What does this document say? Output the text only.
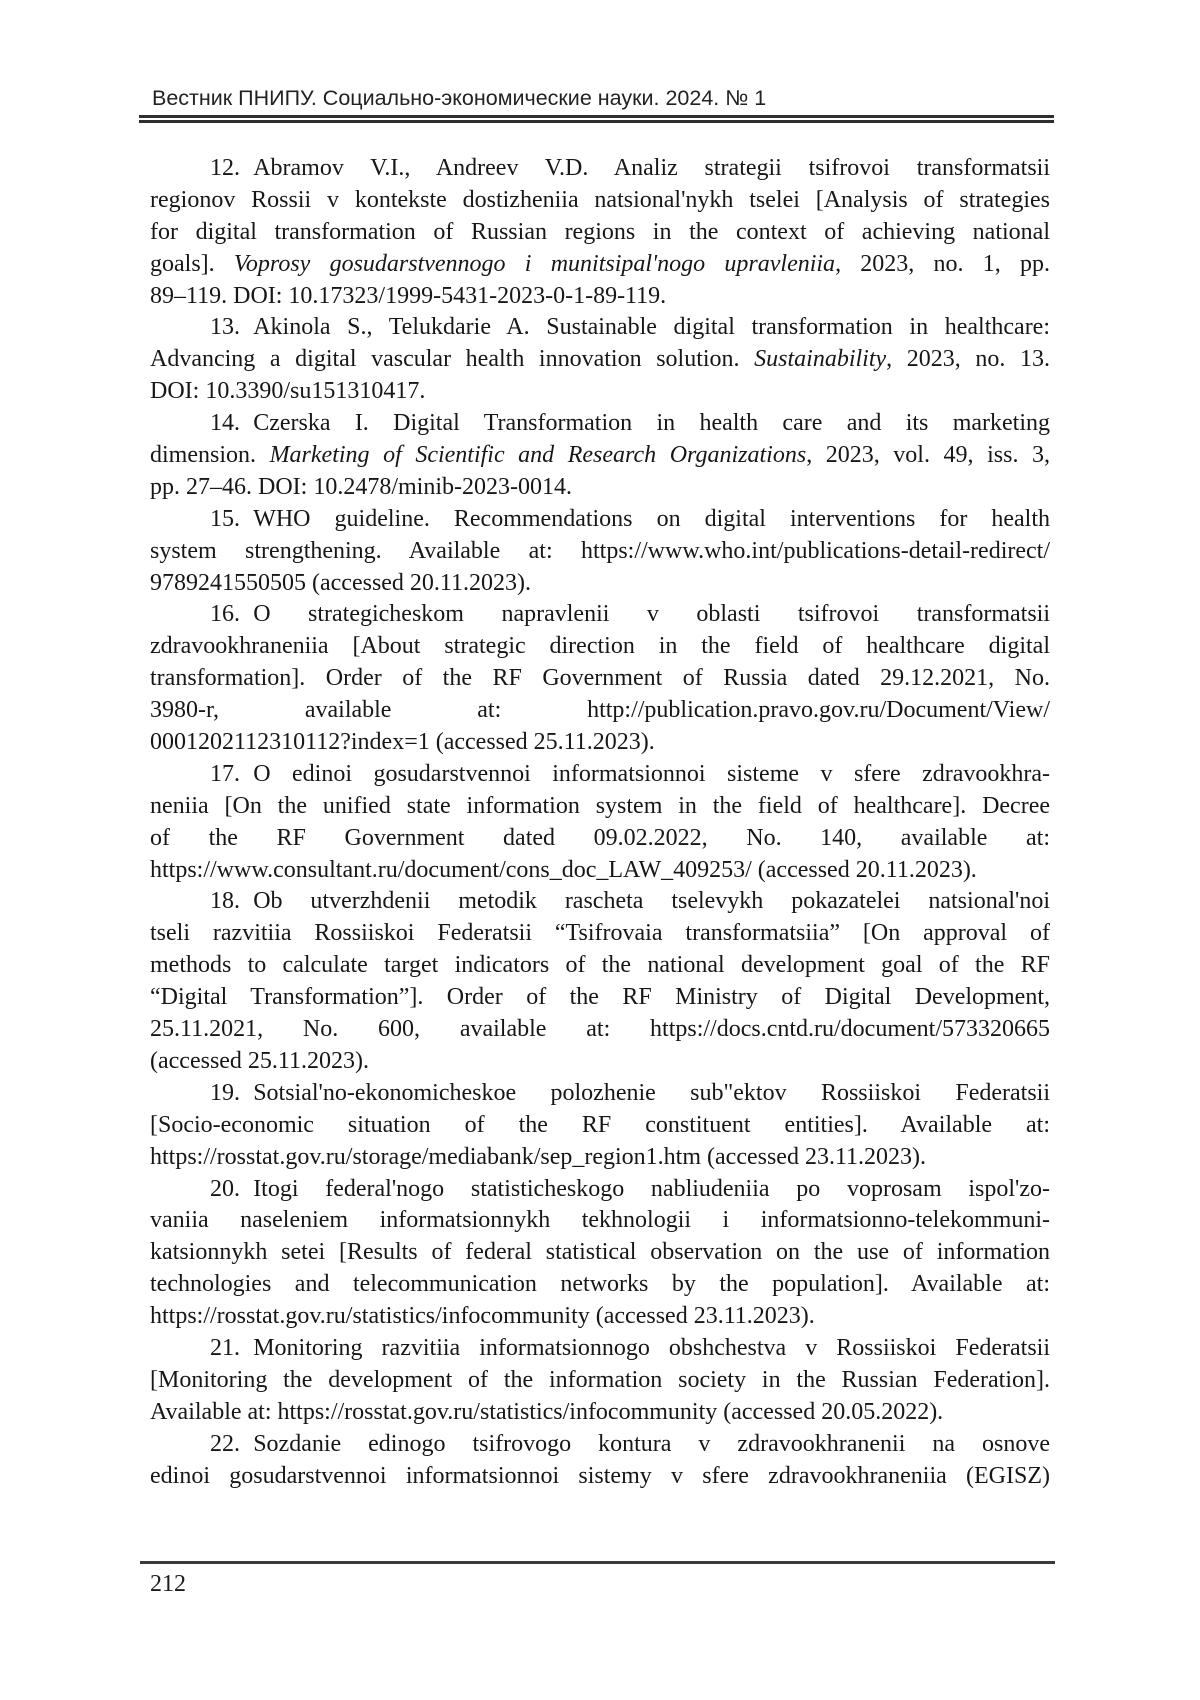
Вестник ПНИПУ. Социально-экономические науки. 2024. № 1
12. Abramov V.I., Andreev V.D. Analiz strategii tsifrovoi transformatsii
regionov Rossii v kontekste dostizheniia natsional'nykh tselei [Analysis of strategies
for digital transformation of Russian regions in the context of achieving national
goals]. Voprosy gosudarstvennogo i munitsipal'nogo upravleniia, 2023, no. 1, pp.
89–119. DOI: 10.17323/1999-5431-2023-0-1-89-119.
13. Akinola S., Telukdarie A. Sustainable digital transformation in healthcare:
Advancing a digital vascular health innovation solution. Sustainability, 2023, no. 13.
DOI: 10.3390/su151310417.
14. Czerska I. Digital Transformation in health care and its marketing
dimension. Marketing of Scientific and Research Organizations, 2023, vol. 49, iss. 3,
pp. 27–46. DOI: 10.2478/minib-2023-0014.
15. WHO guideline. Recommendations on digital interventions for health
system strengthening. Available at: https://www.who.int/publications-detail-redirect/
9789241550505 (accessed 20.11.2023).
16. O strategicheskom napravlenii v oblasti tsifrovoi transformatsii
zdravookhraneniia [About strategic direction in the field of healthcare digital
transformation]. Order of the RF Government of Russia dated 29.12.2021, No.
3980-r, available at: http://publication.pravo.gov.ru/Document/View/
0001202112310112?index=1 (accessed 25.11.2023).
17. O edinoi gosudarstvennoi informatsionnoi sisteme v sfere zdravookhra-
neniia [On the unified state information system in the field of healthcare]. Decree
of the RF Government dated 09.02.2022, No. 140, available at:
https://www.consultant.ru/document/cons_doc_LAW_409253/ (accessed 20.11.2023).
18. Ob utverzhdenii metodik rascheta tselevykh pokazatelei natsional'noi
tseli razvitiia Rossiiskoi Federatsii “Tsifrovaia transformatsiia” [On approval of
methods to calculate target indicators of the national development goal of the RF
“Digital Transformation”]. Order of the RF Ministry of Digital Development,
25.11.2021, No. 600, available at: https://docs.cntd.ru/document/573320665
(accessed 25.11.2023).
19. Sotsial'no-ekonomicheskoe polozhenie sub"ektov Rossiiskoi Federatsii
[Socio-economic situation of the RF constituent entities]. Available at:
https://rosstat.gov.ru/storage/mediabank/sep_region1.htm (accessed 23.11.2023).
20. Itogi federal'nogo statisticheskogo nabliudeniia po voprosam ispol'zo-
vaniia naseleniem informatsionnykh tekhnologii i informatsionno-telekommuni-
katsionnykh setei [Results of federal statistical observation on the use of information
technologies and telecommunication networks by the population]. Available at:
https://rosstat.gov.ru/statistics/infocommunity (accessed 23.11.2023).
21. Monitoring razvitiia informatsionnogo obshchestva v Rossiiskoi Federatsii
[Monitoring the development of the information society in the Russian Federation].
Available at: https://rosstat.gov.ru/statistics/infocommunity (accessed 20.05.2022).
22. Sozdanie edinogo tsifrovogo kontura v zdravookhranenii na osnove
edinoi gosudarstvennoi informatsionnoi sistemy v sfere zdravookhraneniia (EGISZ)
212
